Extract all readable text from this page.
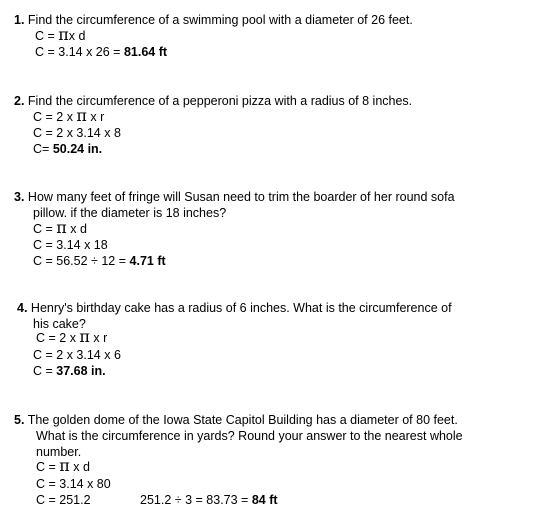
1. Find the circumference of a swimming pool with a diameter of 26 feet.
C = πx d
C = 3.14 x 26 = 81.64 ft
2. Find the circumference of a pepperoni pizza with a radius of 8 inches.
C = 2 x π x r
C = 2 x 3.14 x 8
C= 50.24 in.
3. How many feet of fringe will Susan need to trim the boarder of her round sofa
pillow. if the diameter is 18 inches?
C = π x d
C = 3.14 x 18
C = 56.52 ÷ 12 = 4.71 ft
4. Henry's birthday cake has a radius of 6 inches. What is the circumference of
his cake?
C = 2 x π x r
C = 2 x 3.14 x 6
C = 37.68 in.
5. The golden dome of the Iowa State Capitol Building has a diameter of 80 feet.
What is the circumference in yards? Round your answer to the nearest whole
number.
C = π x d
C = 3.14 x 80
C = 251.2	251.2 ÷ 3 = 83.73 = 84 ft
